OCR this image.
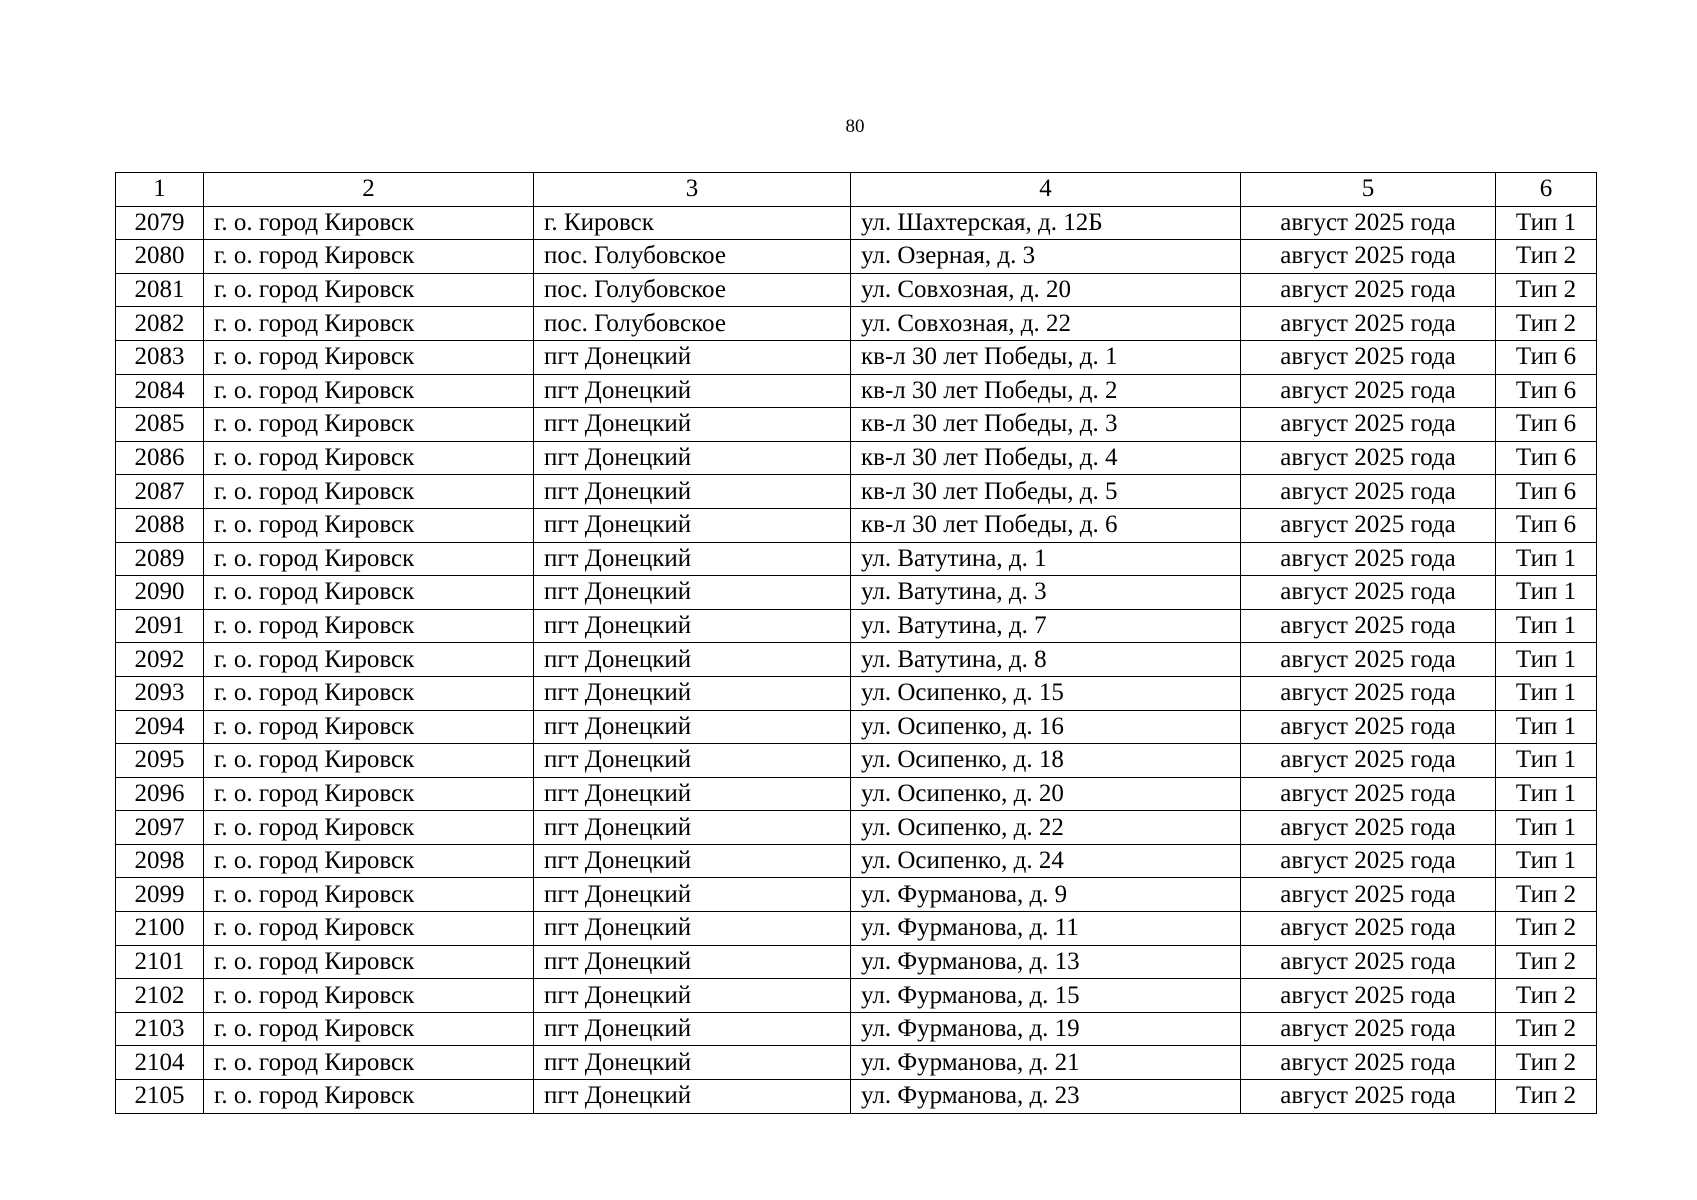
80
1	2	3	4	5	6
2079	г. о. город Кировск	г. Кировск	ул. Шахтерская, д. 12Б	август 2025 года	Тип 1
2080	г. о. город Кировск	пос. Голубовское	ул. Озерная, д. 3	август 2025 года	Тип 2
2081	г. о. город Кировск	пос. Голубовское	ул. Совхозная, д. 20	август 2025 года	Тип 2
2082	г. о. город Кировск	пос. Голубовское	ул. Совхозная, д. 22	август 2025 года	Тип 2
2083	г. о. город Кировск	пгт Донецкий	кв-л 30 лет Победы, д. 1	август 2025 года	Тип 6
2084	г. о. город Кировск	пгт Донецкий	кв-л 30 лет Победы, д. 2	август 2025 года	Тип 6
2085	г. о. город Кировск	пгт Донецкий	кв-л 30 лет Победы, д. 3	август 2025 года	Тип 6
2086	г. о. город Кировск	пгт Донецкий	кв-л 30 лет Победы, д. 4	август 2025 года	Тип 6
2087	г. о. город Кировск	пгт Донецкий	кв-л 30 лет Победы, д. 5	август 2025 года	Тип 6
2088	г. о. город Кировск	пгт Донецкий	кв-л 30 лет Победы, д. 6	август 2025 года	Тип 6
2089	г. о. город Кировск	пгт Донецкий	ул. Ватутина, д. 1	август 2025 года	Тип 1
2090	г. о. город Кировск	пгт Донецкий	ул. Ватутина, д. 3	август 2025 года	Тип 1
2091	г. о. город Кировск	пгт Донецкий	ул. Ватутина, д. 7	август 2025 года	Тип 1
2092	г. о. город Кировск	пгт Донецкий	ул. Ватутина, д. 8	август 2025 года	Тип 1
2093	г. о. город Кировск	пгт Донецкий	ул. Осипенко, д. 15	август 2025 года	Тип 1
2094	г. о. город Кировск	пгт Донецкий	ул. Осипенко, д. 16	август 2025 года	Тип 1
2095	г. о. город Кировск	пгт Донецкий	ул. Осипенко, д. 18	август 2025 года	Тип 1
2096	г. о. город Кировск	пгт Донецкий	ул. Осипенко, д. 20	август 2025 года	Тип 1
2097	г. о. город Кировск	пгт Донецкий	ул. Осипенко, д. 22	август 2025 года	Тип 1
2098	г. о. город Кировск	пгт Донецкий	ул. Осипенко, д. 24	август 2025 года	Тип 1
2099	г. о. город Кировск	пгт Донецкий	ул. Фурманова, д. 9	август 2025 года	Тип 2
2100	г. о. город Кировск	пгт Донецкий	ул. Фурманова, д. 11	август 2025 года	Тип 2
2101	г. о. город Кировск	пгт Донецкий	ул. Фурманова, д. 13	август 2025 года	Тип 2
2102	г. о. город Кировск	пгт Донецкий	ул. Фурманова, д. 15	август 2025 года	Тип 2
2103	г. о. город Кировск	пгт Донецкий	ул. Фурманова, д. 19	август 2025 года	Тип 2
2104	г. о. город Кировск	пгт Донецкий	ул. Фурманова, д. 21	август 2025 года	Тип 2
2105	г. о. город Кировск	пгт Донецкий	ул. Фурманова, д. 23	август 2025 года	Тип 2
